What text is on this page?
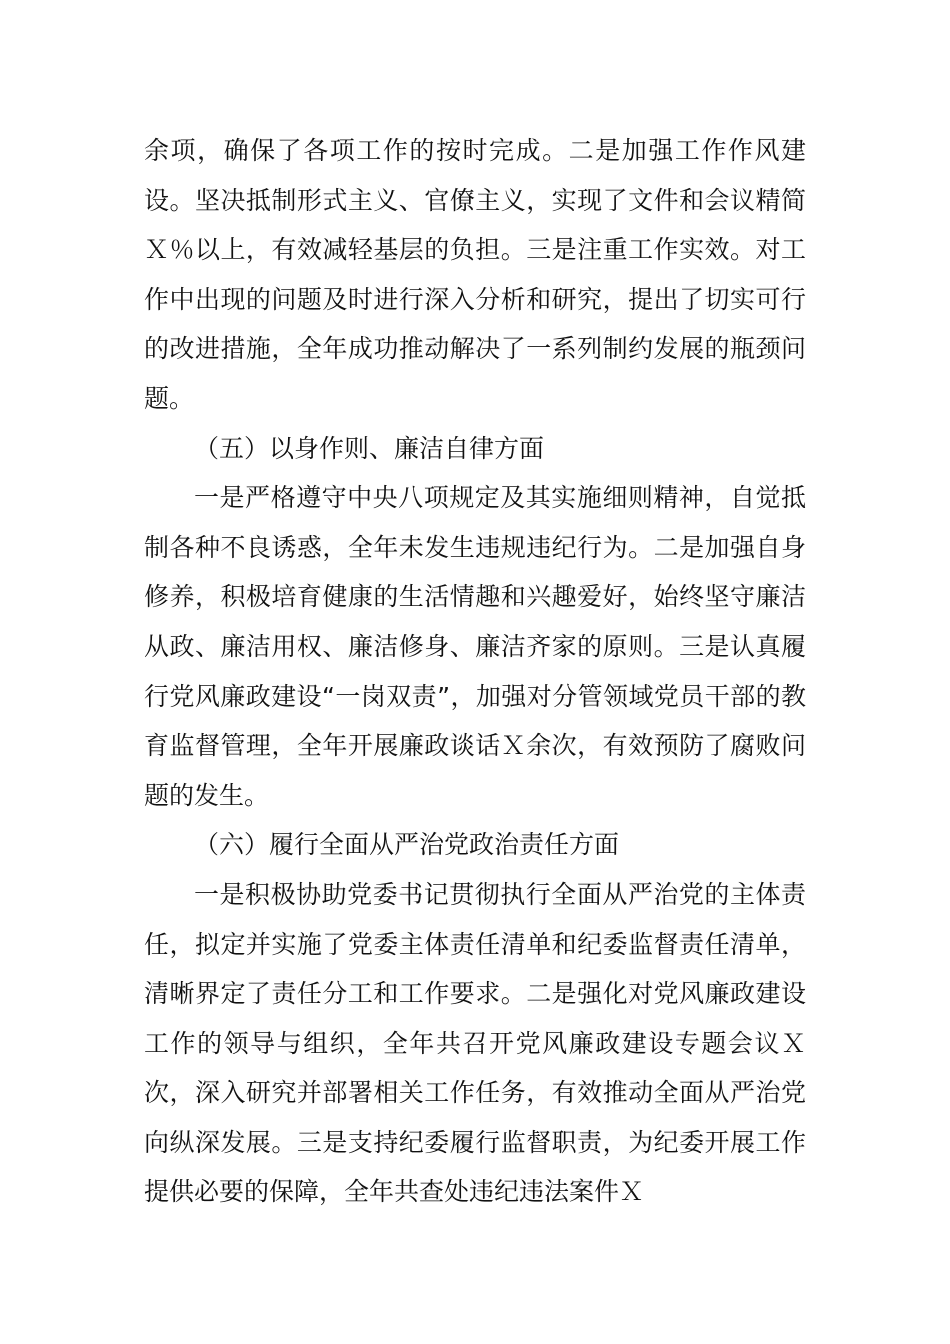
余项，确保了各项工作的按时完成。二是加强工作作风建设。坚决抵制形式主义、官僚主义，实现了文件和会议精简Ｘ％以上，有效减轻基层的负担。三是注重工作实效。对工作中出现的问题及时进行深入分析和研究，提出了切实可行的改进措施，全年成功推动解决了一系列制约发展的瓶颈问题。

（五）以身作则、廉洁自律方面

一是严格遵守中央八项规定及其实施细则精神，自觉抵制各种不良诱惑，全年未发生违规违纪行为。二是加强自身修养，积极培育健康的生活情趣和兴趣爱好，始终坚守廉洁从政、廉洁用权、廉洁修身、廉洁齐家的原则。三是认真履行党风廉政建设“一岗双责”，加强对分管领域党员干部的教育监督管理，全年开展廉政谈话Ｘ余次，有效预防了腐败问题的发生。

（六）履行全面从严治党政治责任方面

一是积极协助党委书记贯彻执行全面从严治党的主体责任，拟定并实施了党委主体责任清单和纪委监督责任清单，清晰界定了责任分工和工作要求。二是强化对党风廉政建设工作的领导与组织，全年共召开党风廉政建设专题会议Ｘ次，深入研究并部署相关工作任务，有效推动全面从严治党向纵深发展。三是支持纪委履行监督职责，为纪委开展工作提供必要的保障，全年共查处违纪违法案件Ｘ
